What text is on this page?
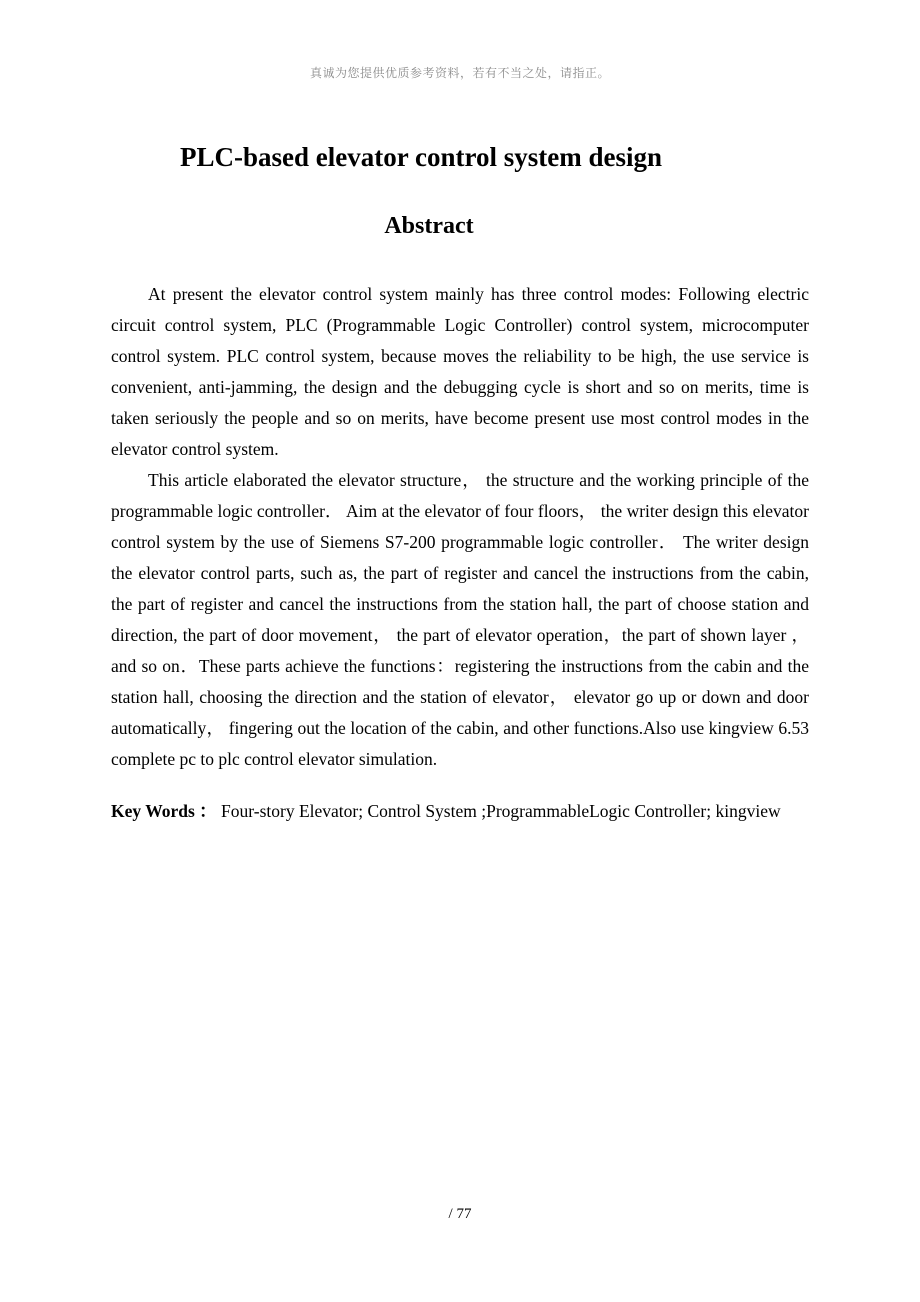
真诚为您提供优质参考资料，若有不当之处，请指正。
PLC-based elevator control system design
Abstract

At present the elevator control system mainly has three control modes: Following electric circuit control system, PLC (Programmable Logic Controller) control system, microcomputer control system. PLC control system, because moves the reliability to be high, the use service is convenient, anti-jamming, the design and the debugging cycle is short and so on merits, time is taken seriously the people and so on merits, have become present use most control modes in the elevator control system.

This article elaborated the elevator structure， the structure and the working principle of the programmable logic controller． Aim at the elevator of four floors， the writer design this elevator control system by the use of Siemens S7-200 programmable logic controller． The writer design the elevator control parts, such as, the part of register and cancel the instructions from the cabin, the part of register and cancel the instructions from the station hall, the part of choose station and direction, the part of door movement， the part of elevator operation，the part of shown layer ，and so on．These parts achieve the functions：registering the instructions from the cabin and the station hall, choosing the direction and the station of elevator， elevator go up or down and door automatically， fingering out the location of the cabin, and other functions.Also use kingview 6.53 complete pc to plc control elevator simulation.

Key Words ： Four-story Elevator; Control System ;ProgrammableLogic Controller; kingview

/ 77
